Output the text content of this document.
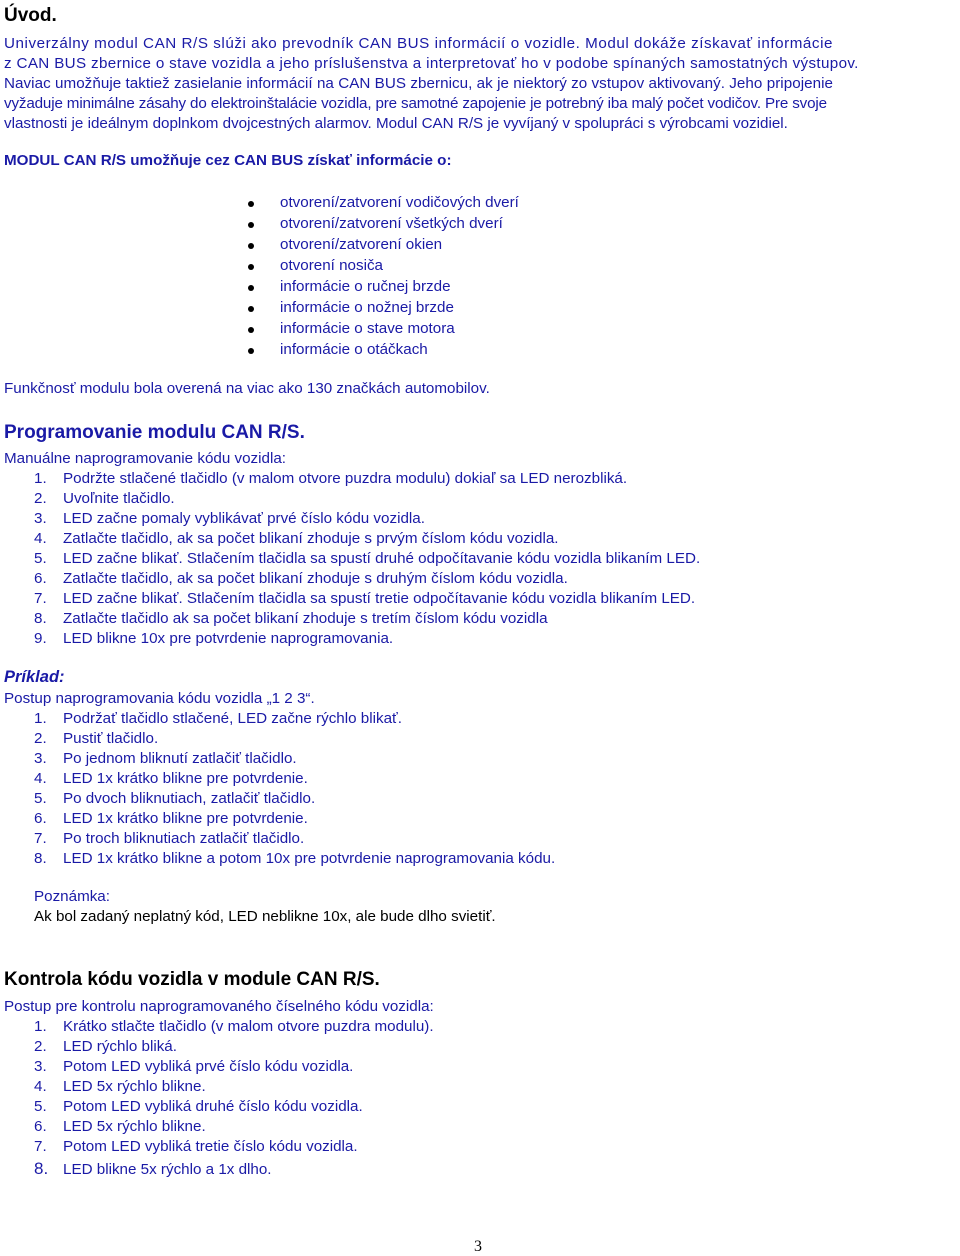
Úvod.
Univerzálny modul CAN R/S slúži ako prevodník CAN BUS informácií o vozidle. Modul dokáže získavať informácie
z CAN BUS zbernice o stave vozidla a jeho príslušenstva a interpretovať ho v podobe spínaných samostatných výstupov.
Naviac umožňuje taktiež zasielanie informácií na CAN BUS zbernicu, ak je niektorý zo vstupov aktivovaný. Jeho pripojenie
vyžaduje minimálne zásahy do elektroinštalácie vozidla, pre samotné zapojenie je potrebný iba malý počet vodičov. Pre svoje
vlastnosti je ideálnym doplnkom dvojcestných alarmov. Modul CAN R/S je vyvíjaný v spolupráci s výrobcami vozidiel.
MODUL CAN R/S umožňuje cez CAN BUS získať informácie o:
otvorení/zatvorení vodičových dverí
otvorení/zatvorení všetkých dverí
otvorení/zatvorení okien
otvorení nosiča
informácie o ručnej brzde
informácie o nožnej brzde
informácie o stave motora
informácie o otáčkach
Funkčnosť modulu bola overená na viac ako 130 značkách automobilov.
Programovanie modulu CAN R/S.
Manuálne naprogramovanie kódu vozidla:
1. Podržte stlačené tlačidlo (v malom otvore puzdra modulu) dokiaľ sa LED nerozbliká.
2. Uvoľnite tlačidlo.
3. LED začne pomaly vyblikávať prvé číslo kódu vozidla.
4. Zatlačte tlačidlo, ak sa počet blikaní zhoduje s prvým číslom kódu vozidla.
5. LED začne blikať. Stlačením tlačidla sa spustí druhé odpočítavanie kódu vozidla blikaním LED.
6. Zatlačte tlačidlo, ak sa počet blikaní zhoduje s druhým číslom kódu vozidla.
7. LED začne blikať. Stlačením tlačidla sa spustí tretie odpočítavanie kódu vozidla blikaním LED.
8. Zatlačte tlačidlo ak sa počet blikaní zhoduje s tretím číslom kódu vozidla
9. LED blikne 10x pre potvrdenie naprogramovania.
Príklad:
Postup naprogramovania kódu vozidla „1 2 3“.
1. Podržať tlačidlo stlačené, LED začne rýchlo blikať.
2. Pustiť tlačidlo.
3. Po jednom bliknutí zatlačiť tlačidlo.
4. LED 1x krátko blikne pre potvrdenie.
5. Po dvoch bliknutiach, zatlačiť tlačidlo.
6. LED 1x krátko blikne pre potvrdenie.
7. Po troch bliknutiach zatlačiť tlačidlo.
8. LED 1x krátko blikne a potom 10x pre potvrdenie naprogramovania kódu.
Poznámka:
Ak bol zadaný neplatný kód, LED neblikne 10x, ale bude dlho svietiť.
Kontrola kódu vozidla v module CAN R/S.
Postup pre kontrolu naprogramovaného číselného kódu vozidla:
1. Krátko stlačte tlačidlo (v malom otvore puzdra modulu).
2. LED rýchlo bliká.
3. Potom LED vybliká prvé číslo kódu vozidla.
4. LED 5x rýchlo blikne.
5. Potom LED vybliká druhé číslo kódu vozidla.
6. LED 5x rýchlo blikne.
7. Potom LED vybliká tretie číslo kódu vozidla.
8. LED blikne 5x rýchlo a 1x dlho.
3
